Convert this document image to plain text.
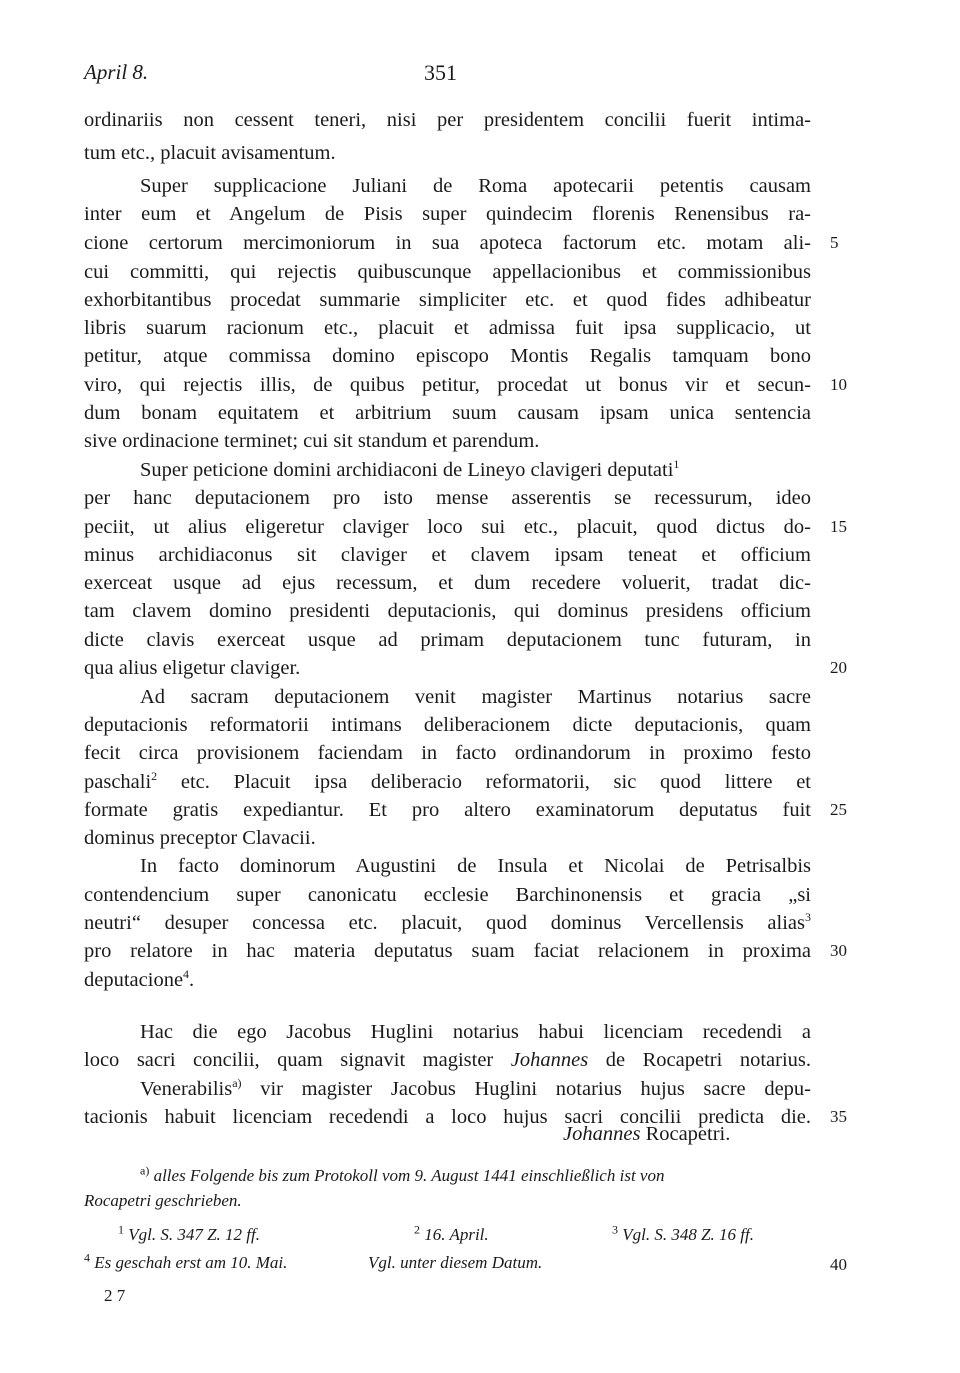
April 8.	351
ordinariis non cessent teneri, nisi per presidentem concilii fuerit intima-
tum etc., placuit avisamentum.
Super supplicacione Juliani de Roma apotecarii petentis causam
inter eum et Angelum de Pisis super quindecim florenis Renensibus ra-
cione certorum mercimoniorum in sua apoteca factorum etc. motam ali-
cui committi, qui rejectis quibuscunque appellacionibus et commissionibus
exhorbitantibus procedat summarie simpliciter etc. et quod fides adhibeatur
libris suarum racionum etc., placuit et admissa fuit ipsa supplicacio, ut
petitur, atque commissa domino episcopo Montis Regalis tamquam bono
viro, qui rejectis illis, de quibus petitur, procedat ut bonus vir et secun-
dum bonam equitatem et arbitrium suum causam ipsam unica sentencia
sive ordinacione terminet; cui sit standum et parendum.
Super peticione domini archidiaconi de Lineyo clavigeri deputati$^1$
per hanc deputacionem pro isto mense asserentis se recessurum, ideo
peciit, ut alius eligeretur claviger loco sui etc., placuit, quod dictus do-
minus archidiaconus sit claviger et clavem ipsam teneat et officium
exerceat usque ad ejus recessum, et dum recedere voluerit, tradat dic-
tam clavem domino presidenti deputacionis, qui dominus presidens officium
dicte clavis exerceat usque ad primam deputacionem tunc futuram, in
qua alius eligetur claviger.
Ad sacram deputacionem venit magister Martinus notarius sacre
deputacionis reformatorii intimans deliberacionem dicte deputacionis, quam
fecit circa provisionem faciendam in facto ordinandorum in proximo festo
paschali$^2$ etc. Placuit ipsa deliberacio reformatorii, sic quod littere et
formate gratis expediantur. Et pro altero examinatorum deputatus fuit
dominus preceptor Clavacii.
In facto dominorum Augustini de Insula et Nicolai de Petrisalbis
contendencium super canonicatu ecclesie Barchinonensis et gracia „si
neutri“ desuper concessa etc. placuit, quod dominus Vercellensis alias$^3$
pro relatore in hac materia deputatus suam faciat relacionem in proxima
deputacione$^4$.
Hac die ego Jacobus Huglini notarius habui licenciam recedendi a
loco sacri concilii, quam signavit magister Johannes de Rocapetri notarius.
Venerabilis$^{a)}$ vir magister Jacobus Huglini notarius hujus sacre depu-
tacionis habuit licenciam recedendi a loco hujus sacri concilii predicta die.
Johannes Rocapetri.
5
10
15
20
25
30
35
40
$^{a)}$ alles Folgende bis zum Protokoll vom 9. August 1441 einschließlich ist von
Rocapetri geschrieben.
$^1$ Vgl. S. 347 Z. 12 ff.	$^2$ 16. April.	$^3$ Vgl. S. 348 Z. 16 ff.
$^4$ Es geschah erst am 10. Mai.	Vgl. unter diesem Datum.
2 7
